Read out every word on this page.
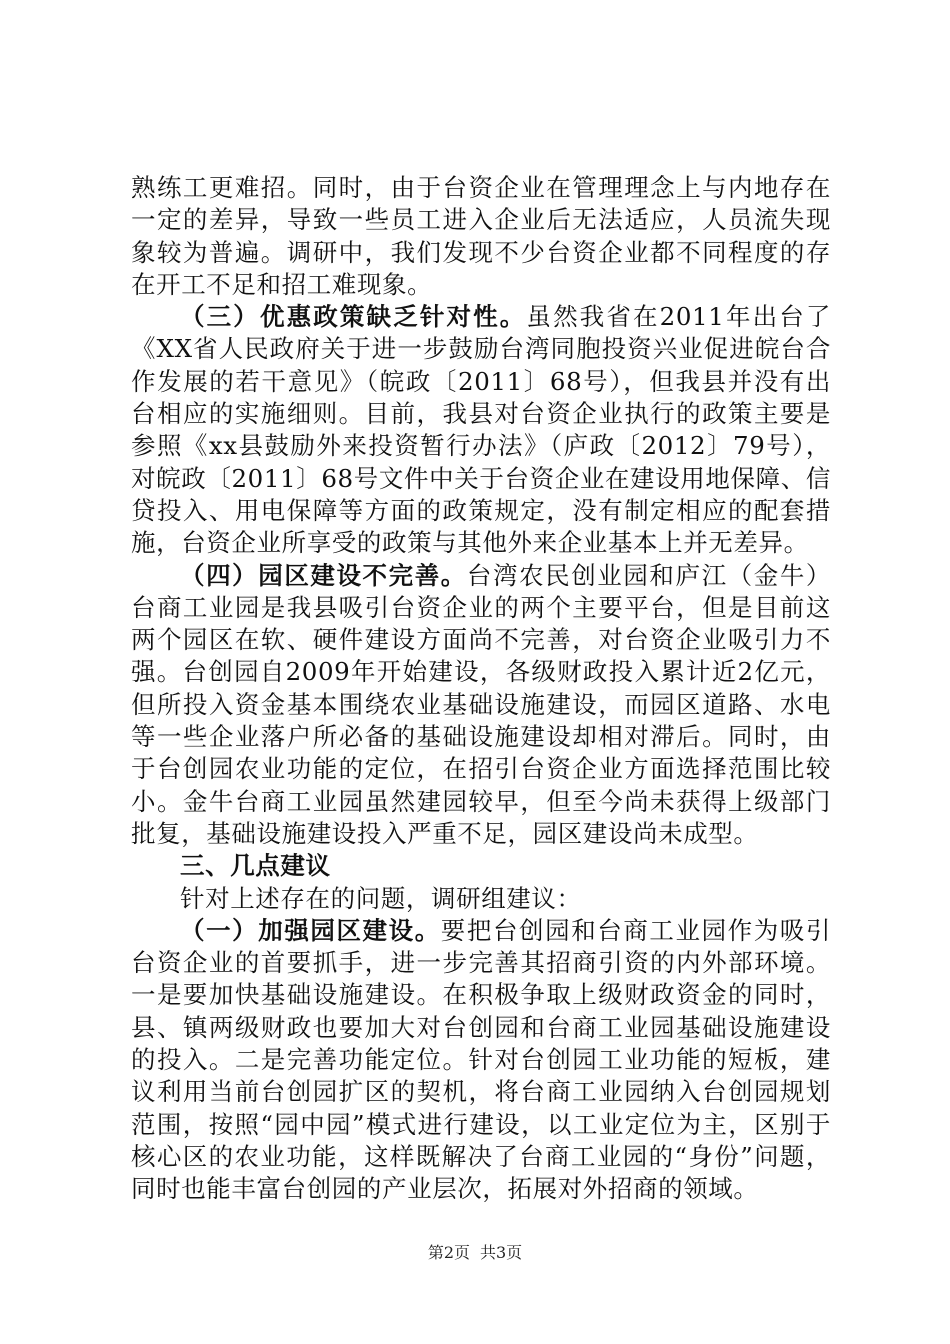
熟练工更难招。同时，由于台资企业在管理理念上与内地存在一定的差异，导致一些员工进入企业后无法适应，人员流失现象较为普遍。调研中，我们发现不少台资企业都不同程度的存在开工不足和招工难现象。

（三）优惠政策缺乏针对性。虽然我省在2011年出台了《XX省人民政府关于进一步鼓励台湾同胞投资兴业促进皖台合作发展的若干意见》（皖政〔2011〕68号），但我县并没有出台相应的实施细则。目前，我县对台资企业执行的政策主要是参照《xx县鼓励外来投资暂行办法》（庐政〔2012〕79号），对皖政〔2011〕68号文件中关于台资企业在建设用地保障、信贷投入、用电保障等方面的政策规定，没有制定相应的配套措施，台资企业所享受的政策与其他外来企业基本上并无差异。

（四）园区建设不完善。台湾农民创业园和庐江（金牛）台商工业园是我县吸引台资企业的两个主要平台，但是目前这两个园区在软、硬件建设方面尚不完善，对台资企业吸引力不强。台创园自2009年开始建设，各级财政投入累计近2亿元，但所投入资金基本围绕农业基础设施建设，而园区道路、水电等一些企业落户所必备的基础设施建设却相对滞后。同时，由于台创园农业功能的定位，在招引台资企业方面选择范围比较小。金牛台商工业园虽然建园较早，但至今尚未获得上级部门批复，基础设施建设投入严重不足，园区建设尚未成型。

三、几点建议

针对上述存在的问题，调研组建议：

（一）加强园区建设。要把台创园和台商工业园作为吸引台资企业的首要抓手，进一步完善其招商引资的内外部环境。一是要加快基础设施建设。在积极争取上级财政资金的同时，县、镇两级财政也要加大对台创园和台商工业园基础设施建设的投入。二是完善功能定位。针对台创园工业功能的短板，建议利用当前台创园扩区的契机，将台商工业园纳入台创园规划范围，按照“园中园”模式进行建设，以工业定位为主，区别于核心区的农业功能，这样既解决了台商工业园的“身份”问题，同时也能丰富台创园的产业层次，拓展对外招商的领域。

第2页 共3页
